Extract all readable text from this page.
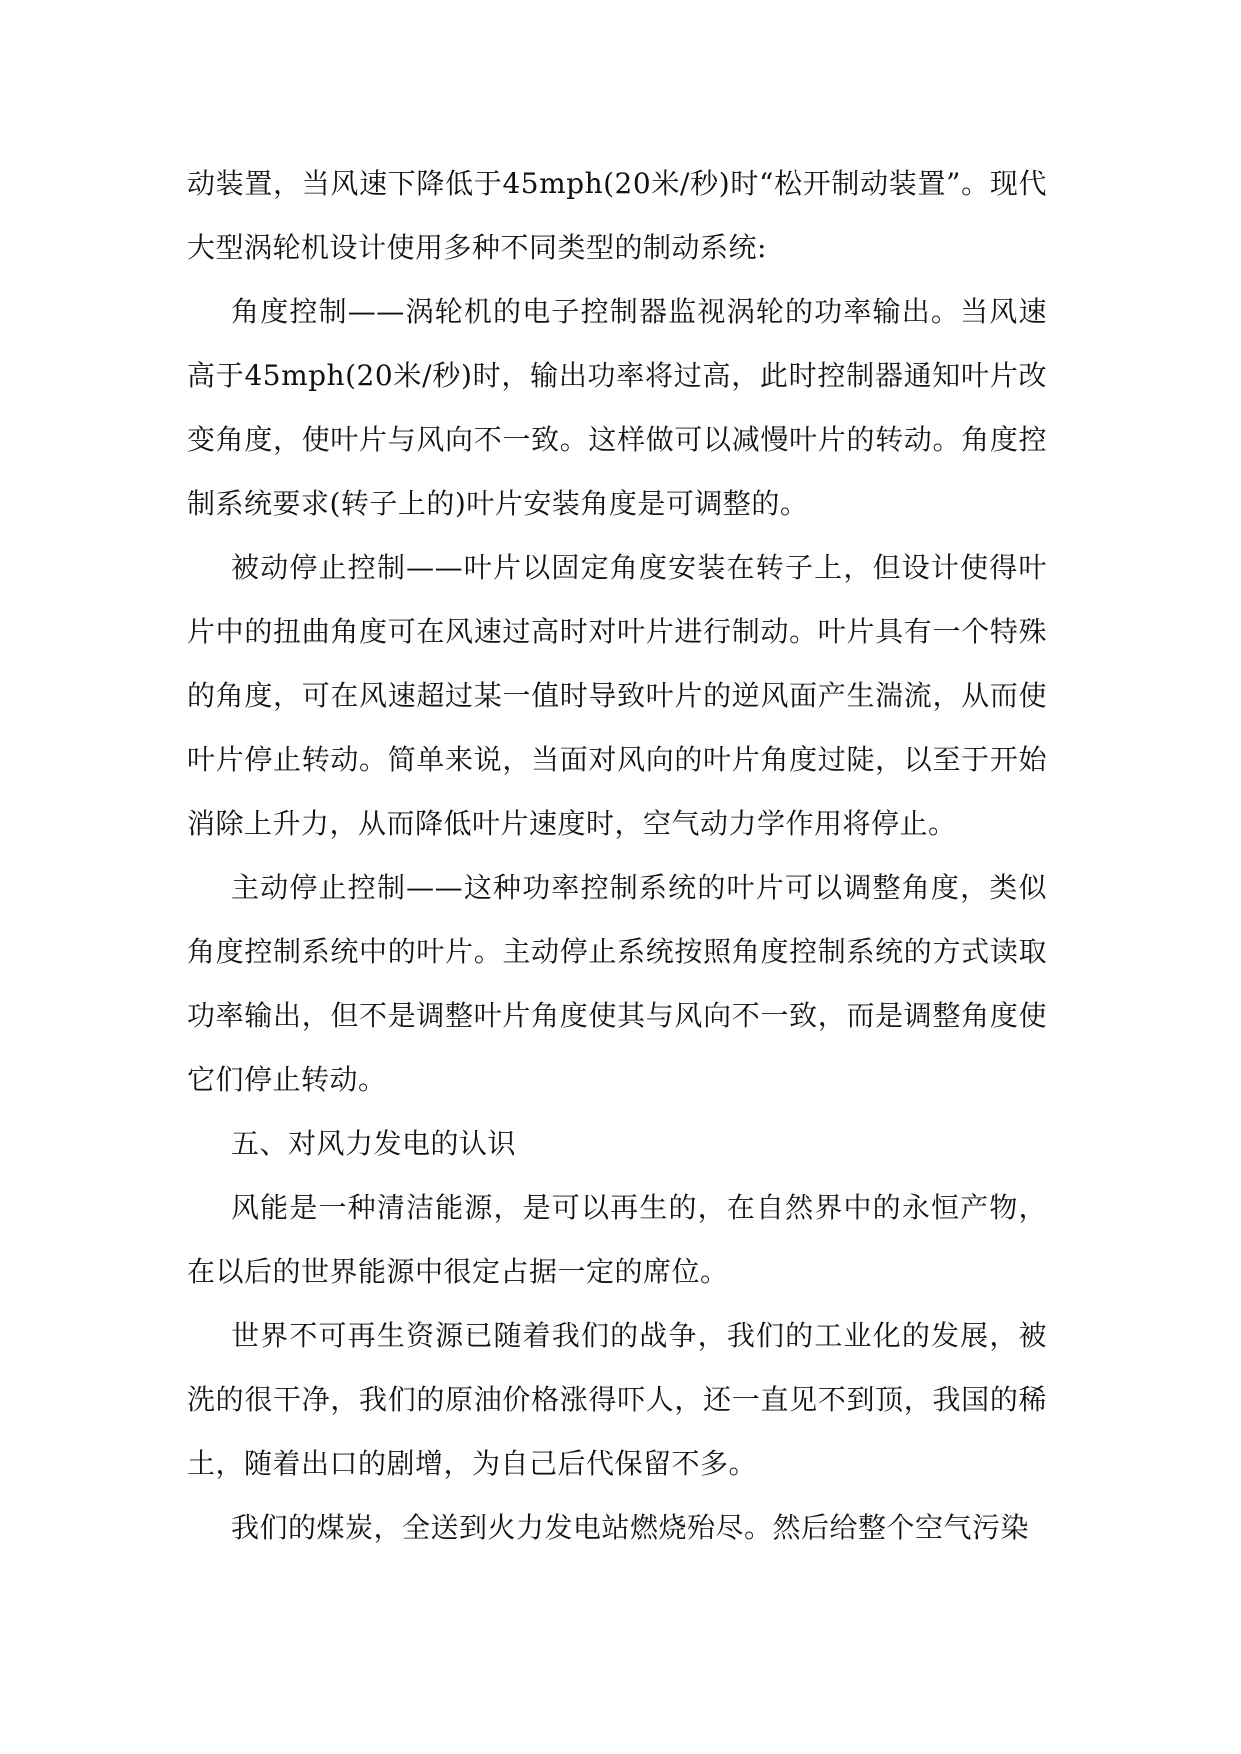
动装置，当风速下降低于45mph(20米/秒)时“松开制动装置”。现代大型涡轮机设计使用多种不同类型的制动系统:

角度控制——涡轮机的电子控制器监视涡轮的功率输出。当风速高于45mph(20米/秒)时，输出功率将过高，此时控制器通知叶片改变角度，使叶片与风向不一致。这样做可以减慢叶片的转动。角度控制系统要求(转子上的)叶片安装角度是可调整的。

被动停止控制——叶片以固定角度安装在转子上，但设计使得叶片中的扭曲角度可在风速过高时对叶片进行制动。叶片具有一个特殊的角度，可在风速超过某一值时导致叶片的逆风面产生湍流，从而使叶片停止转动。简单来说，当面对风向的叶片角度过陡，以至于开始消除上升力，从而降低叶片速度时，空气动力学作用将停止。

主动停止控制——这种功率控制系统的叶片可以调整角度，类似角度控制系统中的叶片。主动停止系统按照角度控制系统的方式读取功率输出，但不是调整叶片角度使其与风向不一致，而是调整角度使它们停止转动。

五、对风力发电的认识

风能是一种清洁能源，是可以再生的，在自然界中的永恒产物，在以后的世界能源中很定占据一定的席位。

世界不可再生资源已随着我们的战争，我们的工业化的发展，被洗的很干净，我们的原油价格涨得吓人，还一直见不到顶，我国的稀土，随着出口的剧增，为自己后代保留不多。

我们的煤炭，全送到火力发电站燃烧殆尽。然后给整个空气污染
